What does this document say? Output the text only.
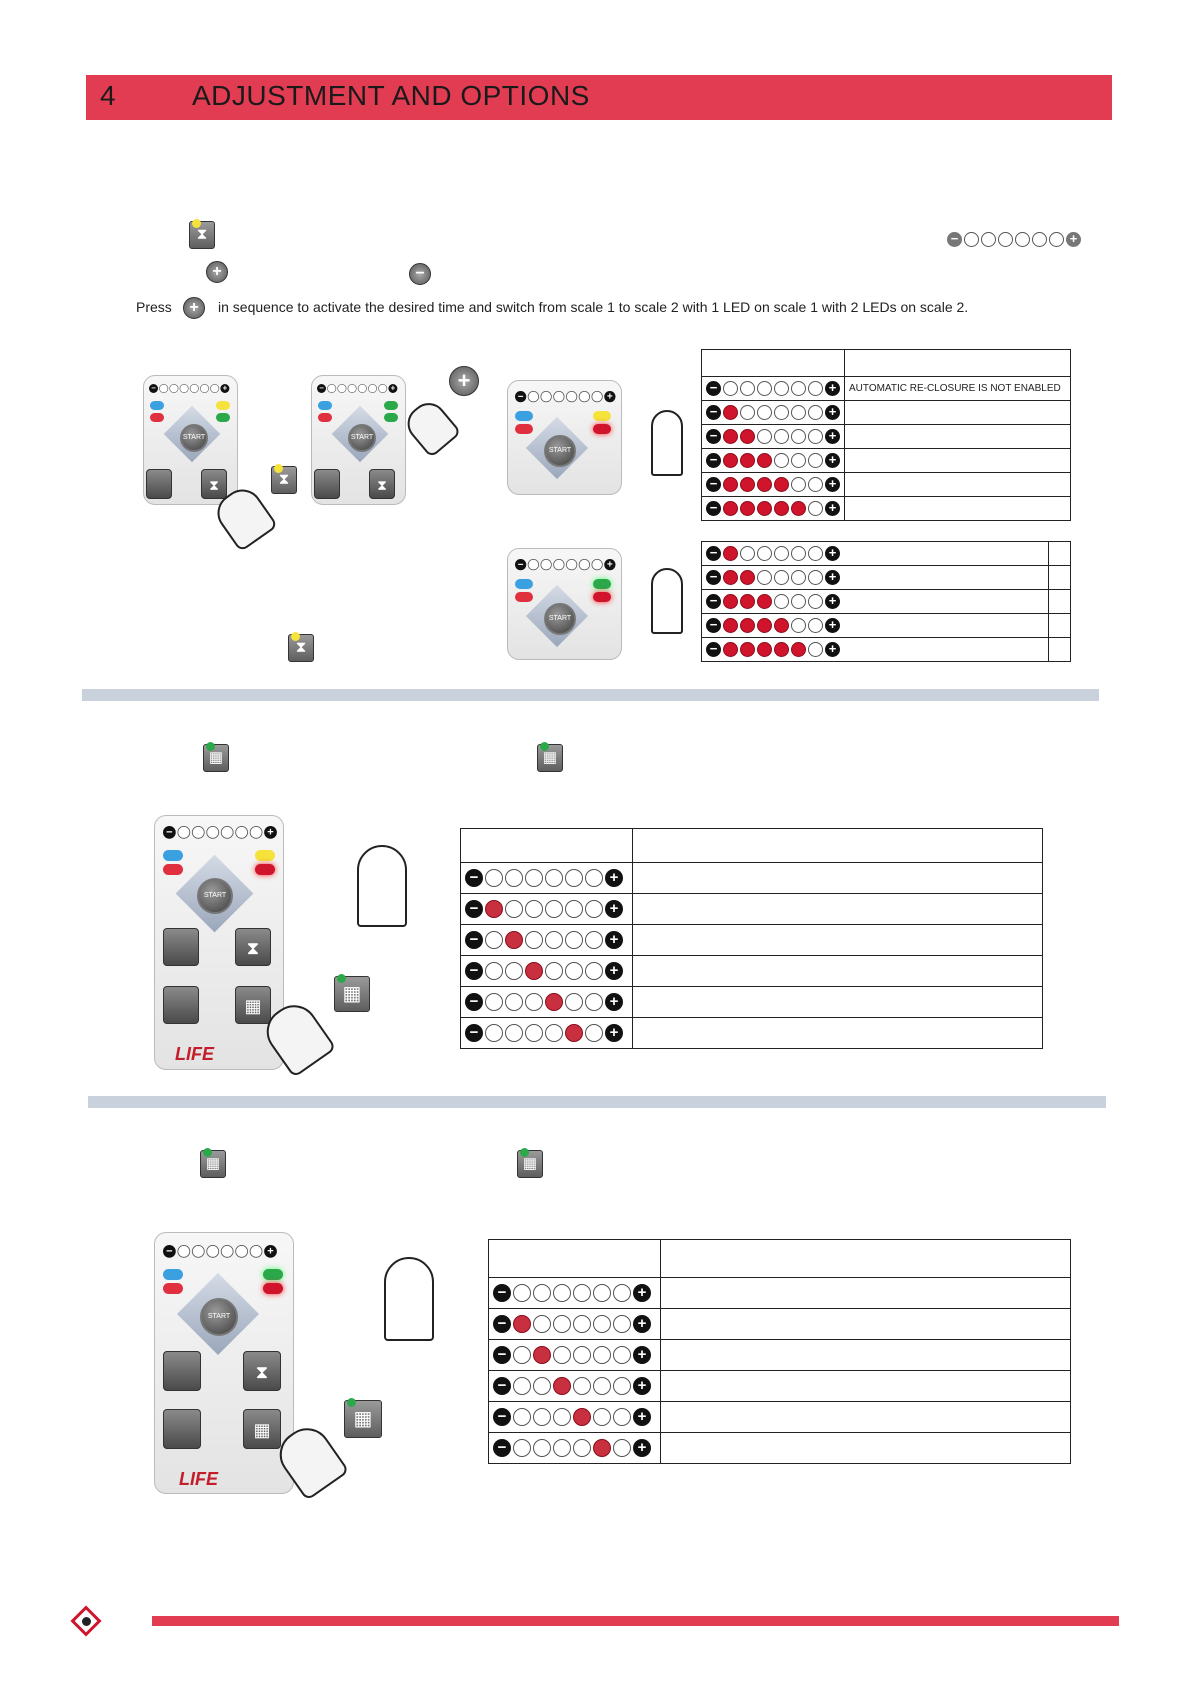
4	ADJUSTMENT AND OPTIONS
⧗
+	−
−	+
Press	+	in sequence to activate the desired time and switch from scale 1 to scale 2 with 1 LED on scale 1 with 2 LEDs on scale 2.
−	+
START
⧗	⧗
−	+
START
⧗
+
⧗
−	+
START
−	+
START

− +	AUTOMATIC RE-CLOSURE IS NOT ENABLED

− +	

− +	

− +	

− +	

− +	

− +	

− +	

− +	

− +	

− +	

▦	▦
−	+
START
⧗
▦
LIFE
▦

− +	

− +	

− +	

− +	

− +	

− +	

▦	▦
−	+
START
⧗
▦
LIFE
▦

− +	

− +	

− +	

− +	

− +	

− +	
